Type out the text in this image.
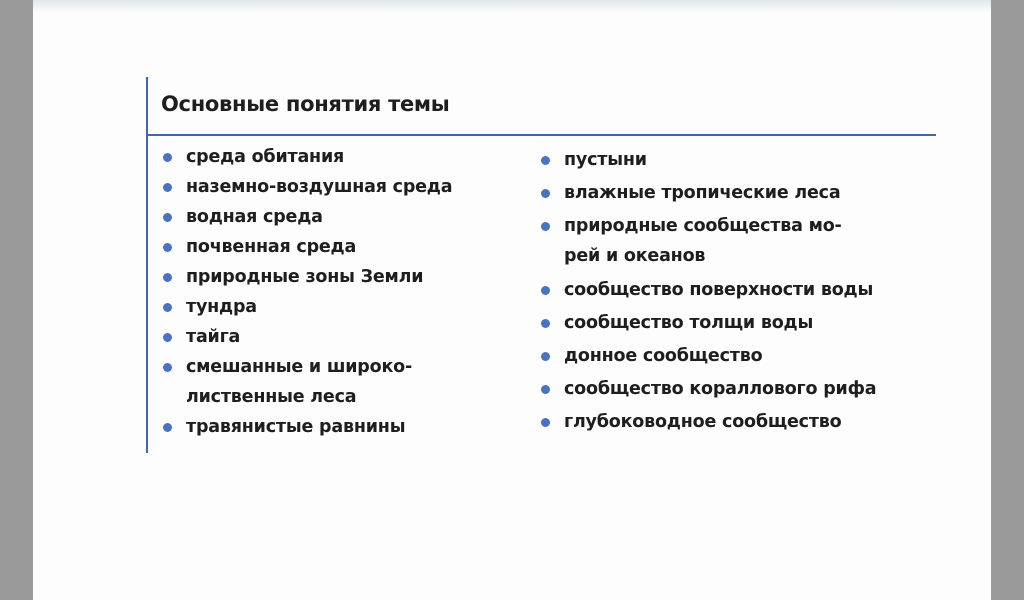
Основные понятия темы
среда обитания
наземно-воздушная среда
водная среда
почвенная среда
природные зоны Земли
тундра
тайга
смешанные и широко-
лиственные леса
травянистые равнины
пустыни
влажные тропические леса
природные сообщества мо-
рей и океанов
сообщество поверхности воды
сообщество толщи воды
донное сообщество
сообщество кораллового рифа
глубоководное сообщество
